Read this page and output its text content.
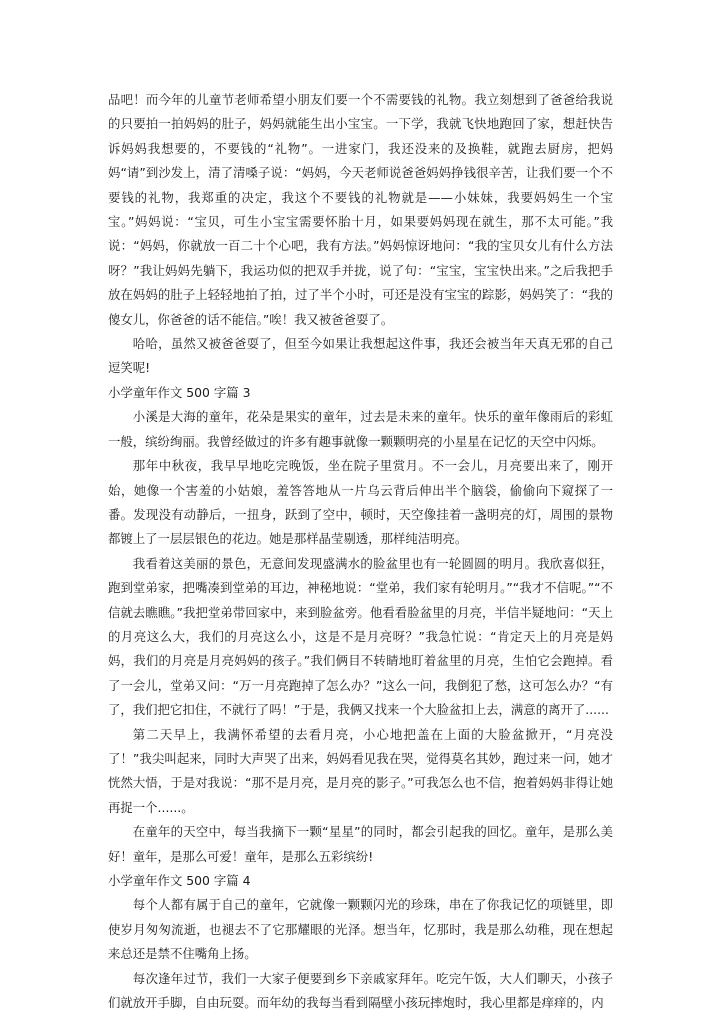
品吧！而今年的儿童节老师希望小朋友们要一个不需要钱的礼物。我立刻想到了爸爸给我说的只要拍一拍妈妈的肚子，妈妈就能生出小宝宝。一下学，我就飞快地跑回了家，想赶快告诉妈妈我想要的，不要钱的“礼物”。一进家门，我还没来的及换鞋，就跑去厨房，把妈妈“请”到沙发上，清了清嗓子说：“妈妈，今天老师说爸爸妈妈挣钱很辛苦，让我们要一个不要钱的礼物，我郑重的决定，我这个不要钱的礼物就是——小妹妹，我要妈妈生一个宝宝。”妈妈说：“宝贝，可生小宝宝需要怀胎十月，如果要妈妈现在就生，那不太可能。”我说：“妈妈，你就放一百二十个心吧，我有方法。”妈妈惊讶地问：“我的宝贝女儿有什么方法呀？”我让妈妈先躺下，我运功似的把双手并拢，说了句：“宝宝，宝宝快出来。”之后我把手放在妈妈的肚子上轻轻地拍了拍，过了半个小时，可还是没有宝宝的踪影，妈妈笑了：“我的傻女儿，你爸爸的话不能信。”唉！我又被爸爸耍了。

哈哈，虽然又被爸爸耍了，但至今如果让我想起这件事，我还会被当年天真无邪的自己逗笑呢!

小学童年作文 500 字篇 3

小溪是大海的童年，花朵是果实的童年，过去是未来的童年。快乐的童年像雨后的彩虹一般，缤纷绚丽。我曾经做过的许多有趣事就像一颗颗明亮的小星星在记忆的天空中闪烁。

那年中秋夜，我早早地吃完晚饭，坐在院子里赏月。不一会儿，月亮要出来了，刚开始，她像一个害羞的小姑娘，羞答答地从一片乌云背后伸出半个脑袋，偷偷向下窥探了一番。发现没有动静后，一扭身，跃到了空中，顿时，天空像挂着一盏明亮的灯，周围的景物都镀上了一层层银色的花边。她是那样晶莹剔透，那样纯洁明亮。

我看着这美丽的景色，无意间发现盛满水的脸盆里也有一轮圆圆的明月。我欣喜似狂，跑到堂弟家，把嘴凑到堂弟的耳边，神秘地说：“堂弟，我们家有轮明月。”“我才不信呢。”“不信就去瞧瞧。”我把堂弟带回家中，来到脸盆旁。他看看脸盆里的月亮，半信半疑地问：“天上的月亮这么大，我们的月亮这么小，这是不是月亮呀？”我急忙说：“肯定天上的月亮是妈妈，我们的月亮是月亮妈妈的孩子。”我们俩目不转睛地盯着盆里的月亮，生怕它会跑掉。看了一会儿，堂弟又问：“万一月亮跑掉了怎么办？”这么一问，我倒犯了愁，这可怎么办？“有了，我们把它扣住，不就行了吗！”于是，我俩又找来一个大脸盆扣上去，满意的离开了......

第二天早上，我满怀希望的去看月亮，小心地把盖在上面的大脸盆掀开，“月亮没了！”我尖叫起来，同时大声哭了出来，妈妈看见我在哭，觉得莫名其妙，跑过来一问，她才恍然大悟，于是对我说：“那不是月亮，是月亮的影子。”可我怎么也不信，抱着妈妈非得让她再捉一个......。

在童年的天空中，每当我摘下一颗“星星”的同时，都会引起我的回忆。童年，是那么美好！童年，是那么可爱！童年，是那么五彩缤纷!

小学童年作文 500 字篇 4

每个人都有属于自己的童年，它就像一颗颗闪光的珍珠，串在了你我记忆的项链里，即使岁月匆匆流逝，也褪去不了它那耀眼的光泽。想当年，忆那时，我是那么幼稚，现在想起来总还是禁不住嘴角上扬。

每次逢年过节，我们一大家子便要到乡下亲戚家拜年。吃完午饭，大人们聊天，小孩子们就放开手脚，自由玩耍。而年幼的我每当看到隔壁小孩玩摔炮时，我心里都是痒痒的，内
